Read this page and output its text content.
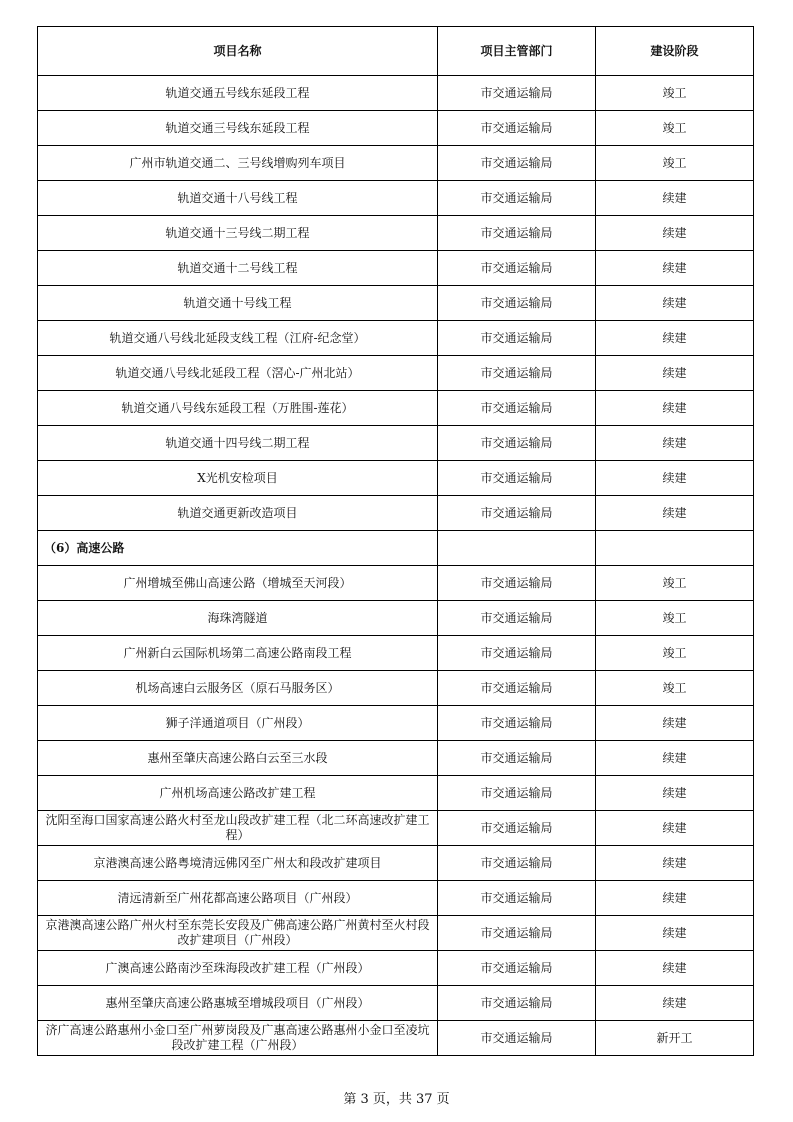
项目名称	项目主管部门	建设阶段
轨道交通五号线东延段工程	市交通运输局	竣工
轨道交通三号线东延段工程	市交通运输局	竣工
广州市轨道交通二、三号线增购列车项目	市交通运输局	竣工
轨道交通十八号线工程	市交通运输局	续建
轨道交通十三号线二期工程	市交通运输局	续建
轨道交通十二号线工程	市交通运输局	续建
轨道交通十号线工程	市交通运输局	续建
轨道交通八号线北延段支线工程（江府-纪念堂）	市交通运输局	续建
轨道交通八号线北延段工程（滘心-广州北站）	市交通运输局	续建
轨道交通八号线东延段工程（万胜围-莲花）	市交通运输局	续建
轨道交通十四号线二期工程	市交通运输局	续建
X光机安检项目	市交通运输局	续建
轨道交通更新改造项目	市交通运输局	续建
（6）高速公路		
广州增城至佛山高速公路（增城至天河段）	市交通运输局	竣工
海珠湾隧道	市交通运输局	竣工
广州新白云国际机场第二高速公路南段工程	市交通运输局	竣工
机场高速白云服务区（原石马服务区）	市交通运输局	竣工
狮子洋通道项目（广州段）	市交通运输局	续建
惠州至肇庆高速公路白云至三水段	市交通运输局	续建
广州机场高速公路改扩建工程	市交通运输局	续建
沈阳至海口国家高速公路火村至龙山段改扩建工程（北二环高速改扩建工程）	市交通运输局	续建
京港澳高速公路粤境清远佛冈至广州太和段改扩建项目	市交通运输局	续建
清远清新至广州花都高速公路项目（广州段）	市交通运输局	续建
京港澳高速公路广州火村至东莞长安段及广佛高速公路广州黄村至火村段改扩建项目（广州段）	市交通运输局	续建
广澳高速公路南沙至珠海段改扩建工程（广州段）	市交通运输局	续建
惠州至肇庆高速公路惠城至增城段项目（广州段）	市交通运输局	续建
济广高速公路惠州小金口至广州萝岗段及广惠高速公路惠州小金口至凌坑段改扩建工程（广州段）	市交通运输局	新开工
第 3 页，共 37 页
